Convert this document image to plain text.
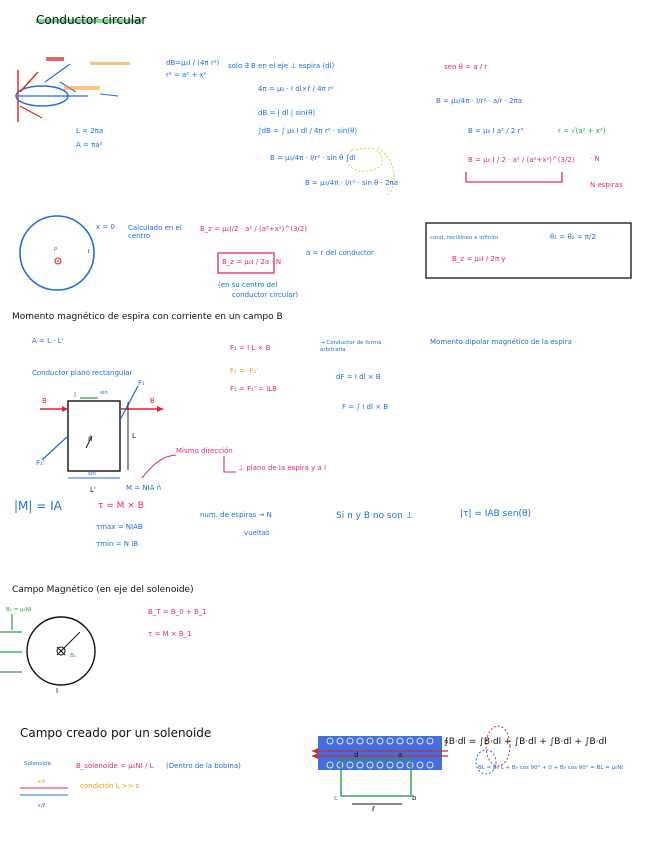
Conductor circular
dB=μ₀I / (4π r²)
r² = a² + x²
solo ∃ B en el eje ⊥ espira (dl)
4π = μ₀ · I dl×r̂ / 4π r²
dB = | dl | sin(θ)
∫dB = ∫ μ₀ I dl / 4π r² · sin(θ)
B = μ₀/4π · I/r² · sin θ ∫dl
B = μ₀/4π · I/r² · sin θ · 2πa
sen θ = a / r
B = μ₀/4π · I/r² · a/r · 2πa
B = μ₀ I a² / 2 r³
B = μ₀ I / 2 · a² / (a²+x²)^(3/2)
r = √(a² + x²)
· N
N espiras
L = 2πa
A = πa²
x = 0 Calculado en el centro
B_z = μ₀I/2 · a² / (a²+x²)^(3/2)
B_z = μ₀I / 2a · N
a = r del conductor
(en su centro del
conductor circular)
cond. rectilíneo e infinito	θ₁ = θ₂ = π/2
B_z = μ₀I / 2π y
I
P
Momento magnético de espira con corriente en un campo B
A = L · L'
Conductor plano rectangular
F₁ = I L × B
F₁ = -F₁'
F₁ = F₁' = ILB
→ Conductor de forma arbitraria
dF = I dl × B
F = ∫ I dl × B
Momento dipolar magnético de la espira
Mismo dirección
⊥ plano de la espira y a I
M = NIA n̂
|M| = IA	τ = M × B
τmax = NIAB
τmin = N IB
num. de espiras → N
vueltas
Si n y B no son ⊥	|τ| = IAB sen(θ)
L
L'
B	B
F₁
F₁'
I
n̂
sin
sin
Campo Magnético (en eje del solenoide)
B_T = B_0 + B_1
τ = M × B_1
B₁ = μ₀NI
B₁
I
Campo creado por un solenoide
Solenoide	B_solenoide = μ₀NI / L (Dentro de la bobina)
condición L >> ε
ε/ℓ
ε/ℓ
∮B·dl = ∫B·dl + ∫B·dl + ∫B·dl + ∫B·dl
BL = B₀ L + B₀ cos 90° + 0 + B₀ cos 90° = BL = μ₀NI
a
b
c
d
ℓ
